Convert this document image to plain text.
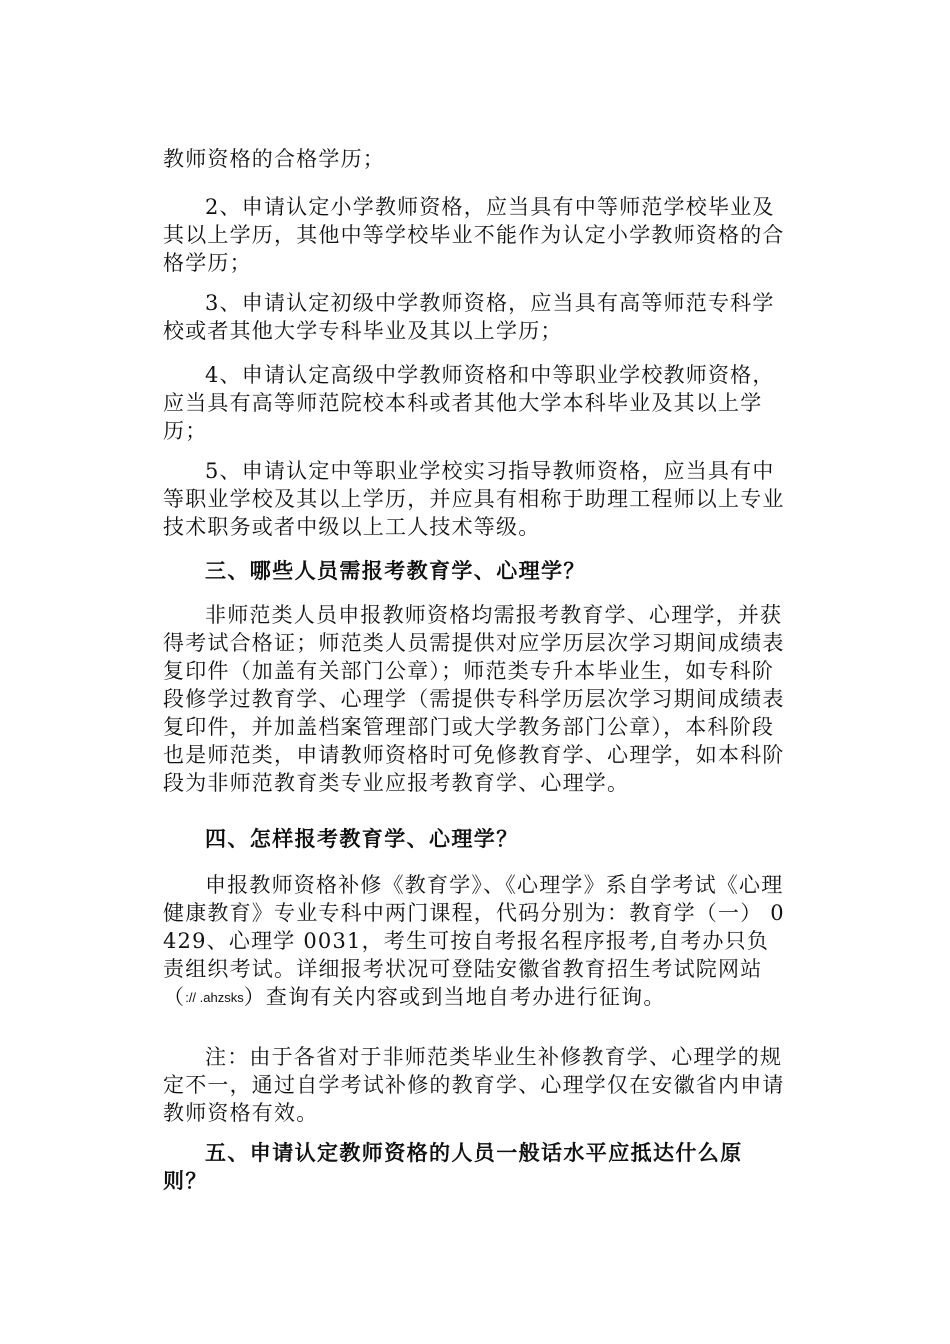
教师资格的合格学历；

2、申请认定小学教师资格，应当具有中等师范学校毕业及其以上学历，其他中等学校毕业不能作为认定小学教师资格的合格学历；

3、申请认定初级中学教师资格，应当具有高等师范专科学校或者其他大学专科毕业及其以上学历；

4、申请认定高级中学教师资格和中等职业学校教师资格，应当具有高等师范院校本科或者其他大学本科毕业及其以上学历；

5、申请认定中等职业学校实习指导教师资格，应当具有中等职业学校及其以上学历，并应具有相称于助理工程师以上专业技术职务或者中级以上工人技术等级。

三、哪些人员需报考教育学、心理学？

非师范类人员申报教师资格均需报考教育学、心理学，并获得考试合格证；师范类人员需提供对应学历层次学习期间成绩表复印件（加盖有关部门公章）；师范类专升本毕业生，如专科阶段修学过教育学、心理学（需提供专科学历层次学习期间成绩表复印件，并加盖档案管理部门或大学教务部门公章），本科阶段也是师范类，申请教师资格时可免修教育学、心理学，如本科阶段为非师范教育类专业应报考教育学、心理学。

四、怎样报考教育学、心理学？

申报教师资格补修《教育学》、《心理学》系自学考试《心理健康教育》专业专科中两门课程，代码分别为：教育学（一） 0429、心理学 0031，考生可按自考报名程序报考,自考办只负责组织考试。详细报考状况可登陆安徽省教育招生考试院网站（:// .ahzsks）查询有关内容或到当地自考办进行征询。

注：由于各省对于非师范类毕业生补修教育学、心理学的规定不一，通过自学考试补修的教育学、心理学仅在安徽省内申请教师资格有效。

五、申请认定教师资格的人员一般话水平应抵达什么原则？
